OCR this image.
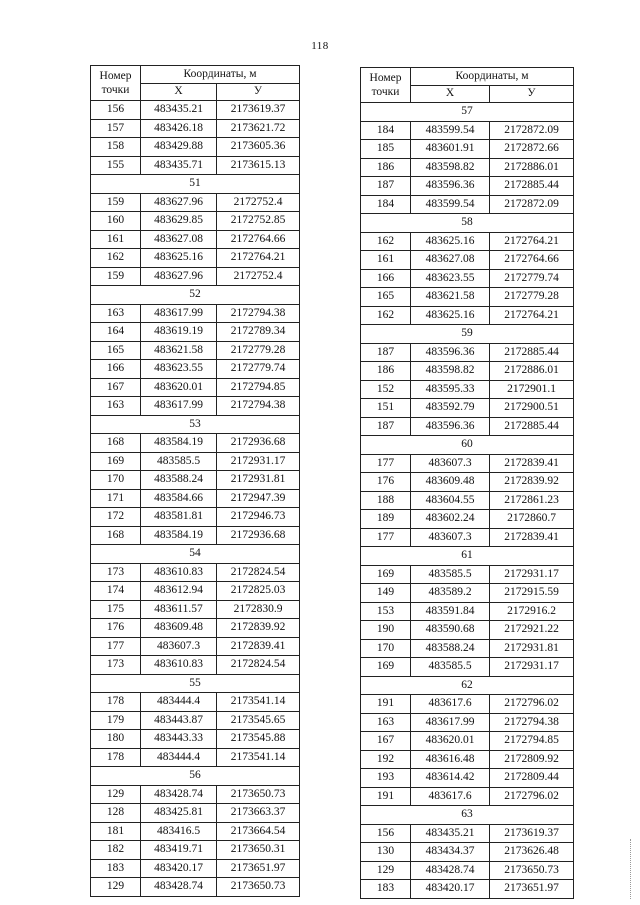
118
Номер точки	Координаты, м	
	X	У
156	483435.21	2173619.37
157	483426.18	2173621.72
158	483429.88	2173605.36
155	483435.71	2173615.13
51		
159	483627.96	2172752.4
160	483629.85	2172752.85
161	483627.08	2172764.66
162	483625.16	2172764.21
159	483627.96	2172752.4
52		
163	483617.99	2172794.38
164	483619.19	2172789.34
165	483621.58	2172779.28
166	483623.55	2172779.74
167	483620.01	2172794.85
163	483617.99	2172794.38
53		
168	483584.19	2172936.68
169	483585.5	2172931.17
170	483588.24	2172931.81
171	483584.66	2172947.39
172	483581.81	2172946.73
168	483584.19	2172936.68
54		
173	483610.83	2172824.54
174	483612.94	2172825.03
175	483611.57	2172830.9
176	483609.48	2172839.92
177	483607.3	2172839.41
173	483610.83	2172824.54
55		
178	483444.4	2173541.14
179	483443.87	2173545.65
180	483443.33	2173545.88
178	483444.4	2173541.14
56		
129	483428.74	2173650.73
128	483425.81	2173663.37
181	483416.5	2173664.54
182	483419.71	2173650.31
183	483420.17	2173651.97
129	483428.74	2173650.73
Номер точки	Координаты, м	
	X	У
57		
184	483599.54	2172872.09
185	483601.91	2172872.66
186	483598.82	2172886.01
187	483596.36	2172885.44
184	483599.54	2172872.09
58		
162	483625.16	2172764.21
161	483627.08	2172764.66
166	483623.55	2172779.74
165	483621.58	2172779.28
162	483625.16	2172764.21
59		
187	483596.36	2172885.44
186	483598.82	2172886.01
152	483595.33	2172901.1
151	483592.79	2172900.51
187	483596.36	2172885.44
60		
177	483607.3	2172839.41
176	483609.48	2172839.92
188	483604.55	2172861.23
189	483602.24	2172860.7
177	483607.3	2172839.41
61		
169	483585.5	2172931.17
149	483589.2	2172915.59
153	483591.84	2172916.2
190	483590.68	2172921.22
170	483588.24	2172931.81
169	483585.5	2172931.17
62		
191	483617.6	2172796.02
163	483617.99	2172794.38
167	483620.01	2172794.85
192	483616.48	2172809.92
193	483614.42	2172809.44
191	483617.6	2172796.02
63		
156	483435.21	2173619.37
130	483434.37	2173626.48
129	483428.74	2173650.73
183	483420.17	2173651.97
